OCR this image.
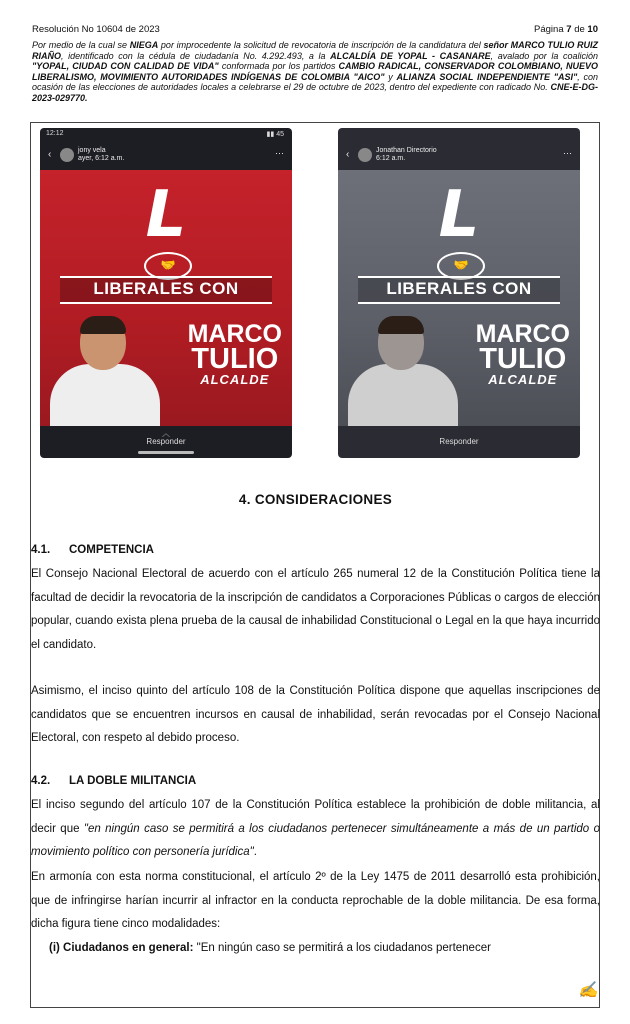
Resolución No 10604 de 2023	Página 7 de 10
Por medio de la cual se NIEGA por improcedente la solicitud de revocatoria de inscripción de la candidatura del señor MARCO TULIO RUIZ RIAÑO, identificado con la cédula de ciudadanía No. 4.292.493, a la ALCALDÍA DE YOPAL - CASANARE, avalado por la coalición "YOPAL, CIUDAD CON CALIDAD DE VIDA" conformada por los partidos CAMBIO RADICAL, CONSERVADOR COLOMBIANO, NUEVO LIBERALISMO, MOVIMIENTO AUTORIDADES INDÍGENAS DE COLOMBIA "AICO" y ALIANZA SOCIAL INDEPENDIENTE "ASI", con ocasión de las elecciones de autoridades locales a celebrarse el 29 de octubre de 2023, dentro del expediente con radicado No. CNE-E-DG-2023-029770.
12:12	▮▮ 45
‹	jony vela
ayer, 6:12 a.m.
⋯
L
🤝
LIBERALES CON
MARCO
TULIO
ALCALDE
︿
Responder
‹	Jonathan Directorio
6:12 a.m.
⋯
L
🤝
LIBERALES CON
MARCO
TULIO
ALCALDE
Responder
4. CONSIDERACIONES
4.1. COMPETENCIA

El Consejo Nacional Electoral de acuerdo con el artículo 265 numeral 12 de la Constitución Política tiene la facultad de decidir la revocatoria de la inscripción de candidatos a Corporaciones Públicas o cargos de elección popular, cuando exista plena prueba de la causal de inhabilidad Constitucional o Legal en la que haya incurrido el candidato.

Asimismo, el inciso quinto del artículo 108 de la Constitución Política dispone que aquellas inscripciones de candidatos que se encuentren incursos en causal de inhabilidad, serán revocadas por el Consejo Nacional Electoral, con respeto al debido proceso.

4.2. LA DOBLE MILITANCIA

El inciso segundo del artículo 107 de la Constitución Política establece la prohibición de doble militancia, al decir que "en ningún caso se permitirá a los ciudadanos pertenecer simultáneamente a más de un partido o movimiento político con personería jurídica".

En armonía con esta norma constitucional, el artículo 2º de la Ley 1475 de 2011 desarrolló esta prohibición, que de infringirse harían incurrir al infractor en la conducta reprochable de la doble militancia. De esa forma, dicha figura tiene cinco modalidades:

(i) Ciudadanos en general: "En ningún caso se permitirá a los ciudadanos pertenecer
✍
